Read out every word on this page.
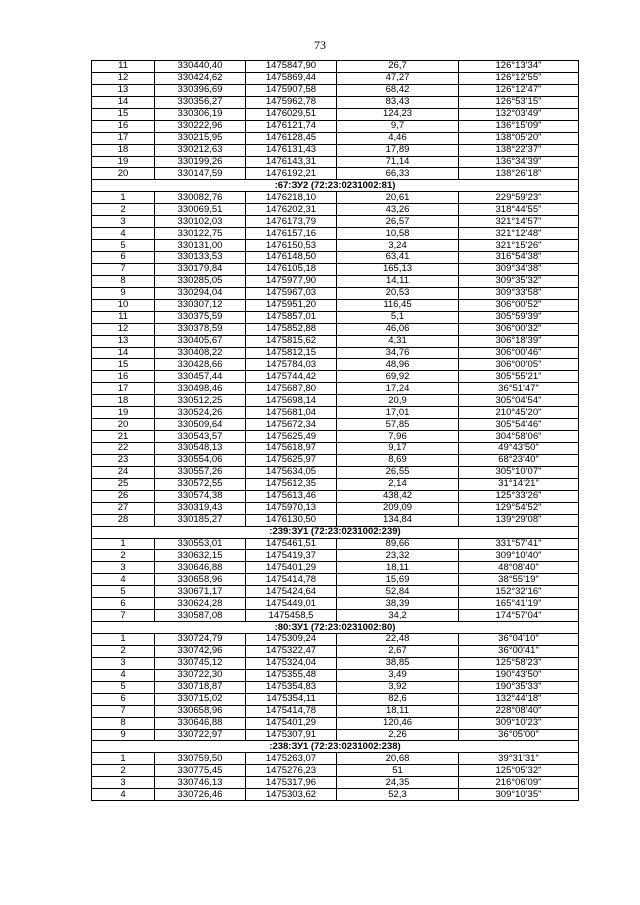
73
11	330440,40	1475847,90	26,7	126°13'34"
12	330424,62	1475869,44	47,27	126°12'55"
13	330396,69	1475907,58	68,42	126°12'47"
14	330356,27	1475962,78	83,43	126°53'15"
15	330306,19	1476029,51	124,23	132°03'49"
16	330222,96	1476121,74	9,7	136°15'09"
17	330215,95	1476128,45	4,46	138°05'20"
18	330212,63	1476131,43	17,89	138°22'37"
19	330199,26	1476143,31	71,14	136°34'39"
20	330147,59	1476192,21	66,33	138°26'18"
:67:ЗУ2 (72:23:0231002:81)				
1	330082,76	1476218,10	20,61	229°59'23"
2	330069,51	1476202,31	43,26	318°44'55"
3	330102,03	1476173,79	26,57	321°14'57"
4	330122,75	1476157,16	10,58	321°12'48"
5	330131,00	1476150,53	3,24	321°15'26"
6	330133,53	1476148,50	63,41	316°54'38"
7	330179,84	1476105,18	165,13	309°34'38"
8	330285,05	1475977,90	14,11	309°35'32"
9	330294,04	1475967,03	20,53	309°33'58"
10	330307,12	1475951,20	116,45	306°00'52"
11	330375,59	1475857,01	5,1	305°59'39"
12	330378,59	1475852,88	46,06	306°00'32"
13	330405,67	1475815,62	4,31	306°18'39"
14	330408,22	1475812,15	34,76	306°00'46"
15	330428,66	1475784,03	48,96	306°00'05"
16	330457,44	1475744,42	69,92	305°55'21"
17	330498,46	1475687,80	17,24	36°51'47"
18	330512,25	1475698,14	20,9	305°04'54"
19	330524,26	1475681,04	17,01	210°45'20"
20	330509,64	1475672,34	57,85	305°54'46"
21	330543,57	1475625,49	7,96	304°58'06"
22	330548,13	1475618,97	9,17	49°43'50"
23	330554,06	1475625,97	8,69	68°23'40"
24	330557,26	1475634,05	26,55	305°10'07"
25	330572,55	1475612,35	2,14	31°14'21"
26	330574,38	1475613,46	438,42	125°33'26"
27	330319,43	1475970,13	209,09	129°54'52"
28	330185,27	1476130,50	134,84	139°29'08"
:239:ЗУ1 (72:23:0231002:239)				
1	330553,01	1475461,51	89,66	331°57'41"
2	330632,15	1475419,37	23,32	309°10'40"
3	330646,88	1475401,29	18,11	48°08'40"
4	330658,96	1475414,78	15,69	38°55'19"
5	330671,17	1475424,64	52,84	152°32'16"
6	330624,28	1475449,01	38,39	165°41'19"
7	330587,08	1475458,5	34,2	174°57'04"
:80:ЗУ1 (72:23:0231002:80)				
1	330724,79	1475309,24	22,48	36°04'10"
2	330742,96	1475322,47	2,67	36°00'41"
3	330745,12	1475324,04	38,85	125°58'23"
4	330722,30	1475355,48	3,49	190°43'50"
5	330718,87	1475354,83	3,92	190°35'33"
6	330715,02	1475354,11	82,6	132°44'18"
7	330658,96	1475414,78	18,11	228°08'40"
8	330646,88	1475401,29	120,46	309°10'23"
9	330722,97	1475307,91	2,26	36°05'00"
:238:ЗУ1 (72:23:0231002:238)				
1	330759,50	1475263,07	20,68	39°31'31"
2	330775,45	1475276,23	51	125°05'32"
3	330746,13	1475317,96	24,35	216°06'09"
4	330726,46	1475303,62	52,3	309°10'35"
